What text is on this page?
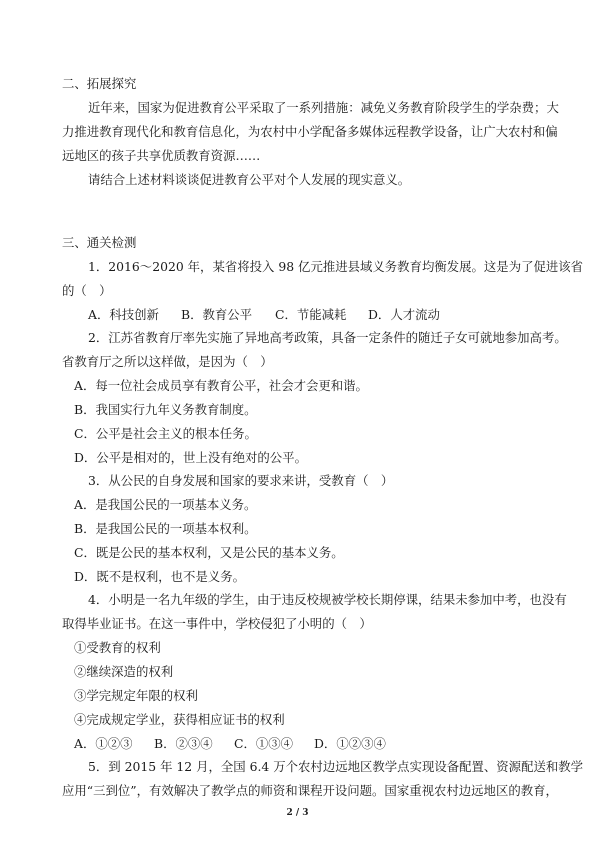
二、拓展探究
近年来，国家为促进教育公平采取了一系列措施：减免义务教育阶段学生的学杂费；大
力推进教育现代化和教育信息化，为农村中小学配备多媒体远程教学设备，让广大农村和偏
远地区的孩子共享优质教育资源……
请结合上述材料谈谈促进教育公平对个人发展的现实意义。
三、通关检测
1．2016～2020 年，某省将投入 98 亿元推进县域义务教育均衡发展。这是为了促进该省
的（　）
A．科技创新 B．教育公平 C．节能减耗 D．人才流动
2．江苏省教育厅率先实施了异地高考政策，具备一定条件的随迁子女可就地参加高考。
省教育厅之所以这样做，是因为（　）
A．每一位社会成员享有教育公平，社会才会更和谐。
B．我国实行九年义务教育制度。
C．公平是社会主义的根本任务。
D．公平是相对的，世上没有绝对的公平。
3．从公民的自身发展和国家的要求来讲，受教育（　）
A．是我国公民的一项基本义务。
B．是我国公民的一项基本权利。
C．既是公民的基本权利，又是公民的基本义务。
D．既不是权利，也不是义务。
4．小明是一名九年级的学生，由于违反校规被学校长期停课，结果未参加中考，也没有
取得毕业证书。在这一事件中，学校侵犯了小明的（　）
①受教育的权利
②继续深造的权利
③学完规定年限的权利
④完成规定学业，获得相应证书的权利
A．①②③ B．②③④ C．①③④ D．①②③④
5．到 2015 年 12 月，全国 6.4 万个农村边远地区教学点实现设备配置、资源配送和教学
应用“三到位”，有效解决了教学点的师资和课程开设问题。国家重视农村边远地区的教育，
2 / 3
